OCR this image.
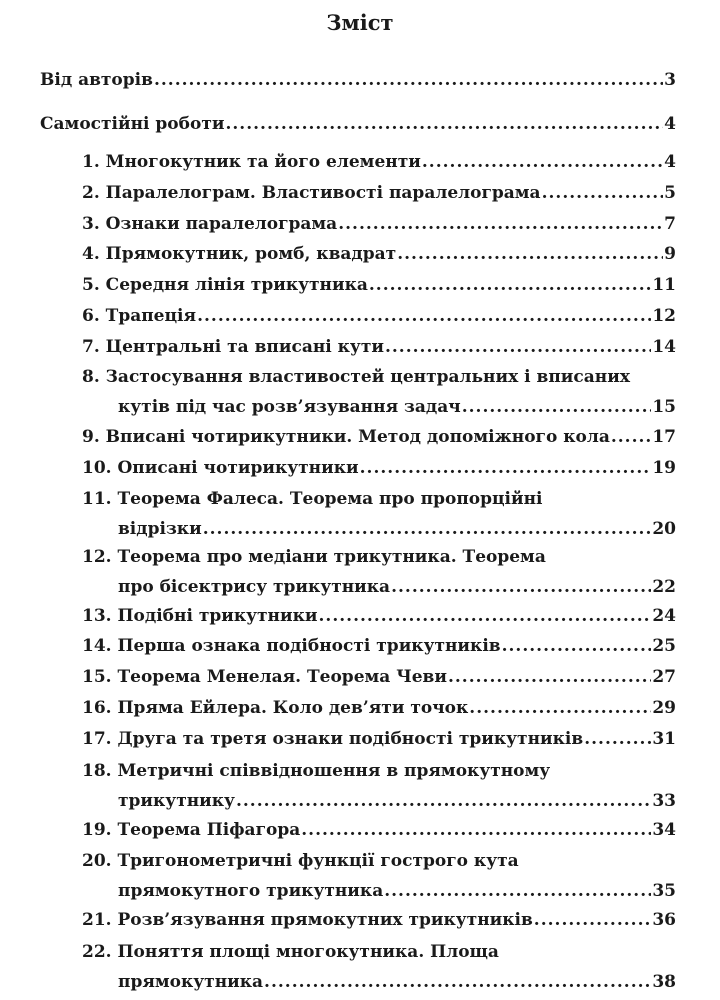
Зміст
Від авторів .....	3
Самостійні роботи .....	4
1. Многокутник та його елементи .....	4
2. Паралелограм. Властивості паралелограма .....	5
3. Ознаки паралелограма .....	7
4. Прямокутник, ромб, квадрат .....	9
5. Середня лінія трикутника .....	11
6. Трапеція .....	12
7. Центральні та вписані кути .....	14
8. Застосування властивостей центральних і вписаних
кутів під час розв’язування задач .....	15
9. Вписані чотирикутники. Метод допоміжного кола ..... 17
10. Описані чотирикутники .....	19
11. Теорема Фалеса. Теорема про пропорційні
відрізки .....	20
12. Теорема про медіани трикутника. Теорема
про бісектрису трикутника .....	22
13. Подібні трикутники .....	24
14. Перша ознака подібності трикутників .....	25
15. Теорема Менелая. Теорема Чеви .....	27
16. Пряма Ейлера. Коло дев’яти точок .....	29
17. Друга та третя ознаки подібності трикутників .....	31
18. Метричні співвідношення в прямокутному
трикутнику .....	33
19. Теорема Піфагора .....	34
20. Тригонометричні функції гострого кута
прямокутного трикутника .....	35
21. Розв’язування прямокутних трикутників .....	36
22. Поняття площі многокутника. Площа
прямокутника .....	38
